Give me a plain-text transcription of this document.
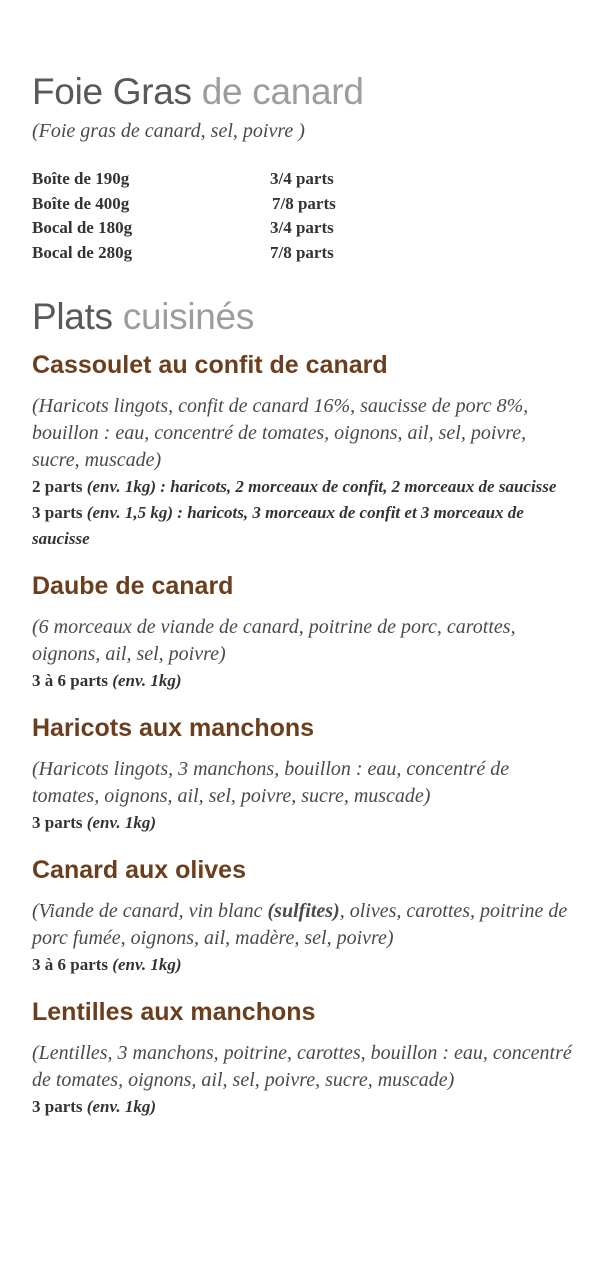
Foie Gras de canard

(Foie gras de canard, sel, poivre )

Boîte de 190g	3/4 parts
Boîte de 400g	7/8 parts
Bocal de 180g	3/4 parts
Bocal de 280g	7/8 parts
Plats cuisinés
Cassoulet au confit de canard

(Haricots lingots, confit de canard 16%, saucisse de porc 8%, bouillon : eau, concentré de tomates, oignons, ail, sel, poivre, sucre, muscade)

2 parts (env. 1kg) : haricots, 2 morceaux de confit, 2 morceaux de saucisse

3 parts (env. 1,5 kg) : haricots, 3 morceaux de confit et 3 morceaux de saucisse

Daube de canard

(6 morceaux de viande de canard, poitrine de porc, carottes, oignons, ail, sel, poivre)

3 à 6 parts (env. 1kg)

Haricots aux manchons

(Haricots lingots, 3 manchons, bouillon : eau, concentré de tomates, oignons, ail, sel, poivre, sucre, muscade)

3 parts (env. 1kg)

Canard aux olives

(Viande de canard, vin blanc (sulfites), olives, carottes, poitrine de porc fumée, oignons, ail, madère, sel, poivre)

3 à 6 parts (env. 1kg)

Lentilles aux manchons

(Lentilles, 3 manchons, poitrine, carottes, bouillon : eau, concentré de tomates, oignons, ail, sel, poivre, sucre, muscade)

3 parts (env. 1kg)
